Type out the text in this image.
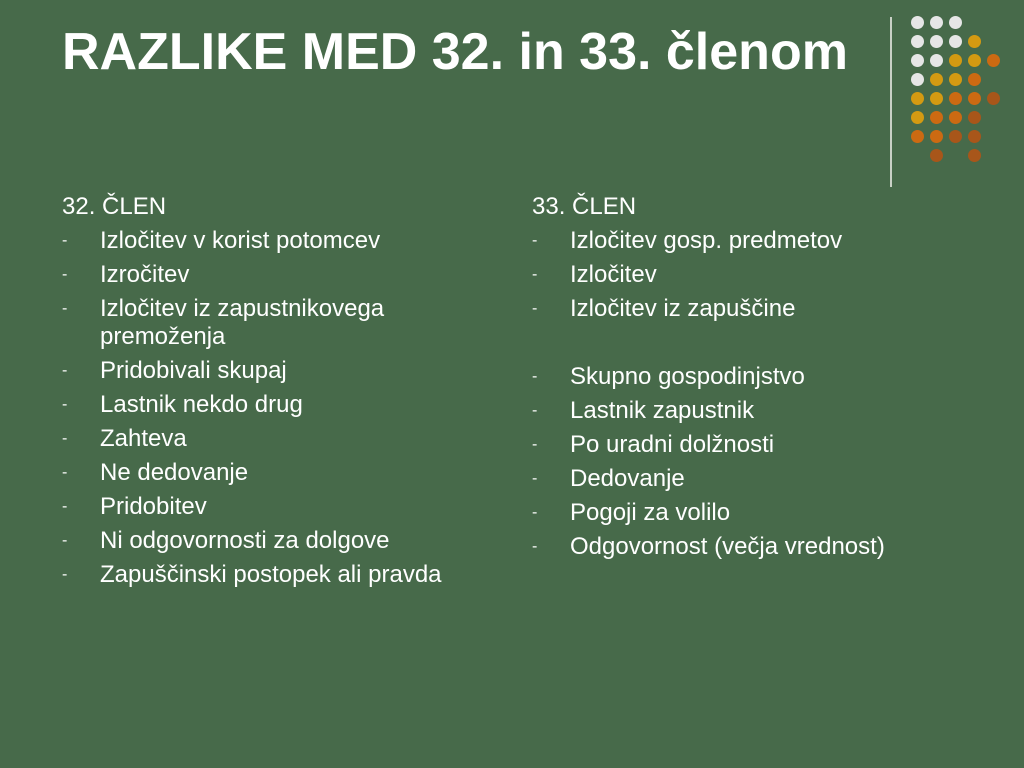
RAZLIKE MED 32. in 33. členom
32. ČLEN
- Izločitev v korist potomcev
- Izročitev
- Izločitev iz zapustnikovega premoženja
- Pridobivali skupaj
- Lastnik nekdo drug
- Zahteva
- Ne dedovanje
- Pridobitev
- Ni odgovornosti za dolgove
- Zapuščinski postopek ali pravda
33. ČLEN
- Izločitev gosp. predmetov
- Izločitev
- Izločitev iz zapuščine
- Skupno gospodinjstvo
- Lastnik zapustnik
- Po uradni dolžnosti
- Dedovanje
- Pogoji za volilo
- Odgovornost (večja vrednost)
